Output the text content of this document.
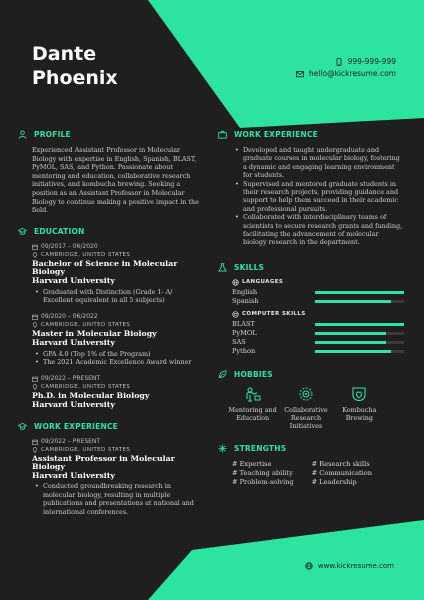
Dante
Phoenix
999-999-999
hello@kickresume.com
PROFILE

Experienced Assistant Professor in Molecular Biology with expertise in English, Spanish, BLAST, PyMOL, SAS, and Python. Passionate about mentoring and education, collaborative research initiatives, and kombucha brewing. Seeking a position as an Assistant Professor in Molecular Biology to continue making a positive impact in the field.

EDUCATION
09/2017 – 06/2020
CAMBRIDGE, UNITED STATES
Bachelor of Science in Molecular Biology
Harvard University
• Graduated with Distinction (Grade 1- A/ Excellent equivalent in all 5 subjects)
09/2020 – 06/2022
CAMBRIDGE, UNITED STATES
Master in Molecular Biology
Harvard University
• GPA 4.0 (Top 1% of the Program)
• The 2021 Academic Excellence Award winner
09/2022 – PRESENT
CAMBRIDGE, UNITED STATES
Ph.D. in Molecular Biology
Harvard University
WORK EXPERIENCE
09/2022 – PRESENT
CAMBRIDGE, UNITED STATES
Assistant Professor in Molecular Biology
Harvard University
• Conducted groundbreaking research in molecular biology, resulting in multiple publications and presentations at national and international conferences.
WORK EXPERIENCE
• Developed and taught undergraduate and graduate courses in molecular biology, fostering a dynamic and engaging learning environment for students.
• Supervised and mentored graduate students in their research projects, providing guidance and support to help them succeed in their academic and professional pursuits.
• Collaborated with interdisciplinary teams of scientists to secure research grants and funding, facilitating the advancement of molecular biology research in the department.
SKILLS
LANGUAGES
English
Spanish
COMPUTER SKILLS
BLAST
PyMOL
SAS
Python
HOBBIES
Mentoring and Education
Collaborative Research Initiatives
Kombucha Brewing
STRENGTHS
# Expertise	# Research skills
# Teaching ability	# Communication
# Problem-solving	# Leadership
www.kickresume.com
